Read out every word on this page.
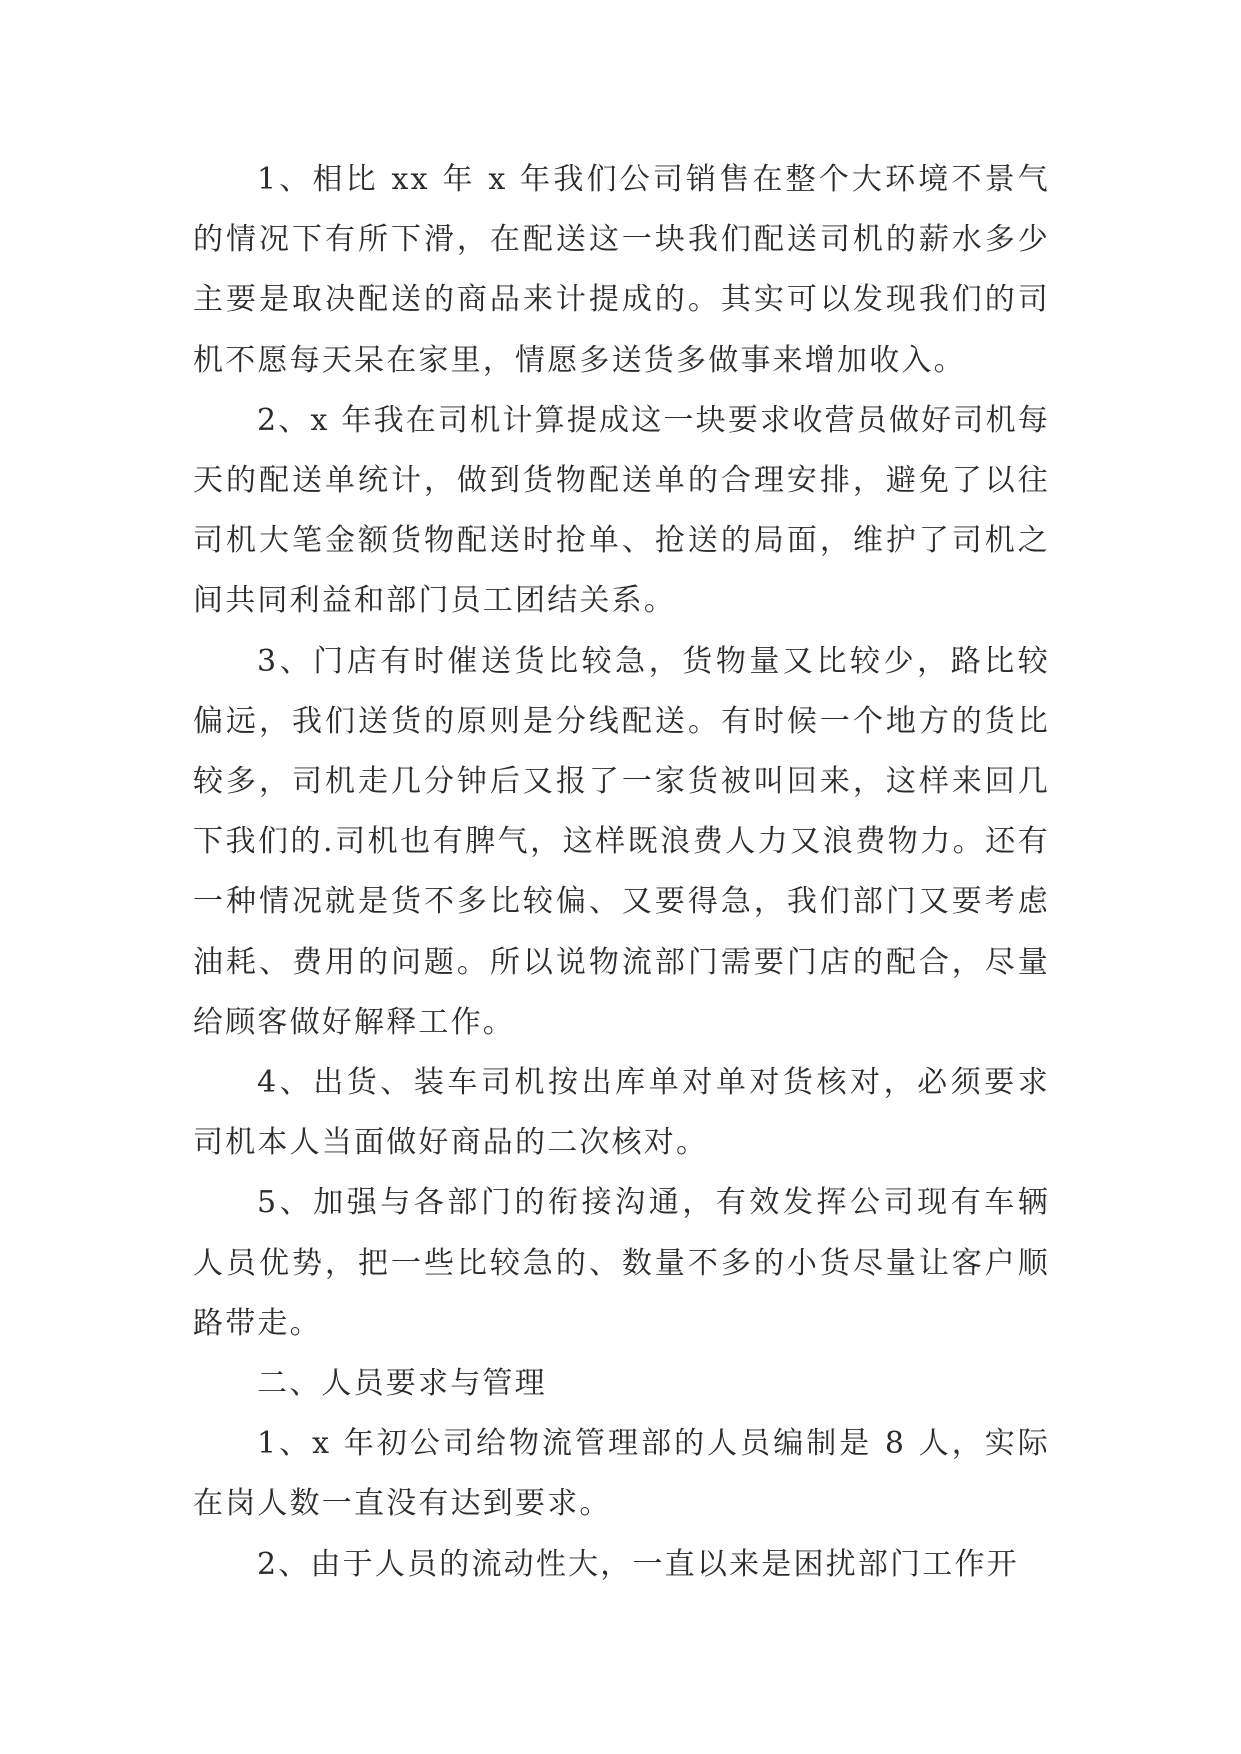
1、相比 xx 年 x 年我们公司销售在整个大环境不景气的情况下有所下滑，在配送这一块我们配送司机的薪水多少主要是取决配送的商品来计提成的。其实可以发现我们的司机不愿每天呆在家里，情愿多送货多做事来增加收入。

2、x 年我在司机计算提成这一块要求收营员做好司机每天的配送单统计，做到货物配送单的合理安排，避免了以往司机大笔金额货物配送时抢单、抢送的局面，维护了司机之间共同利益和部门员工团结关系。

3、门店有时催送货比较急，货物量又比较少，路比较偏远，我们送货的原则是分线配送。有时候一个地方的货比较多，司机走几分钟后又报了一家货被叫回来，这样来回几下我们的.司机也有脾气，这样既浪费人力又浪费物力。还有一种情况就是货不多比较偏、又要得急，我们部门又要考虑油耗、费用的问题。所以说物流部门需要门店的配合，尽量给顾客做好解释工作。

4、出货、装车司机按出库单对单对货核对，必须要求司机本人当面做好商品的二次核对。

5、加强与各部门的衔接沟通，有效发挥公司现有车辆人员优势，把一些比较急的、数量不多的小货尽量让客户顺路带走。

二、人员要求与管理

1、x 年初公司给物流管理部的人员编制是 8 人，实际在岗人数一直没有达到要求。

2、由于人员的流动性大，一直以来是困扰部门工作开
